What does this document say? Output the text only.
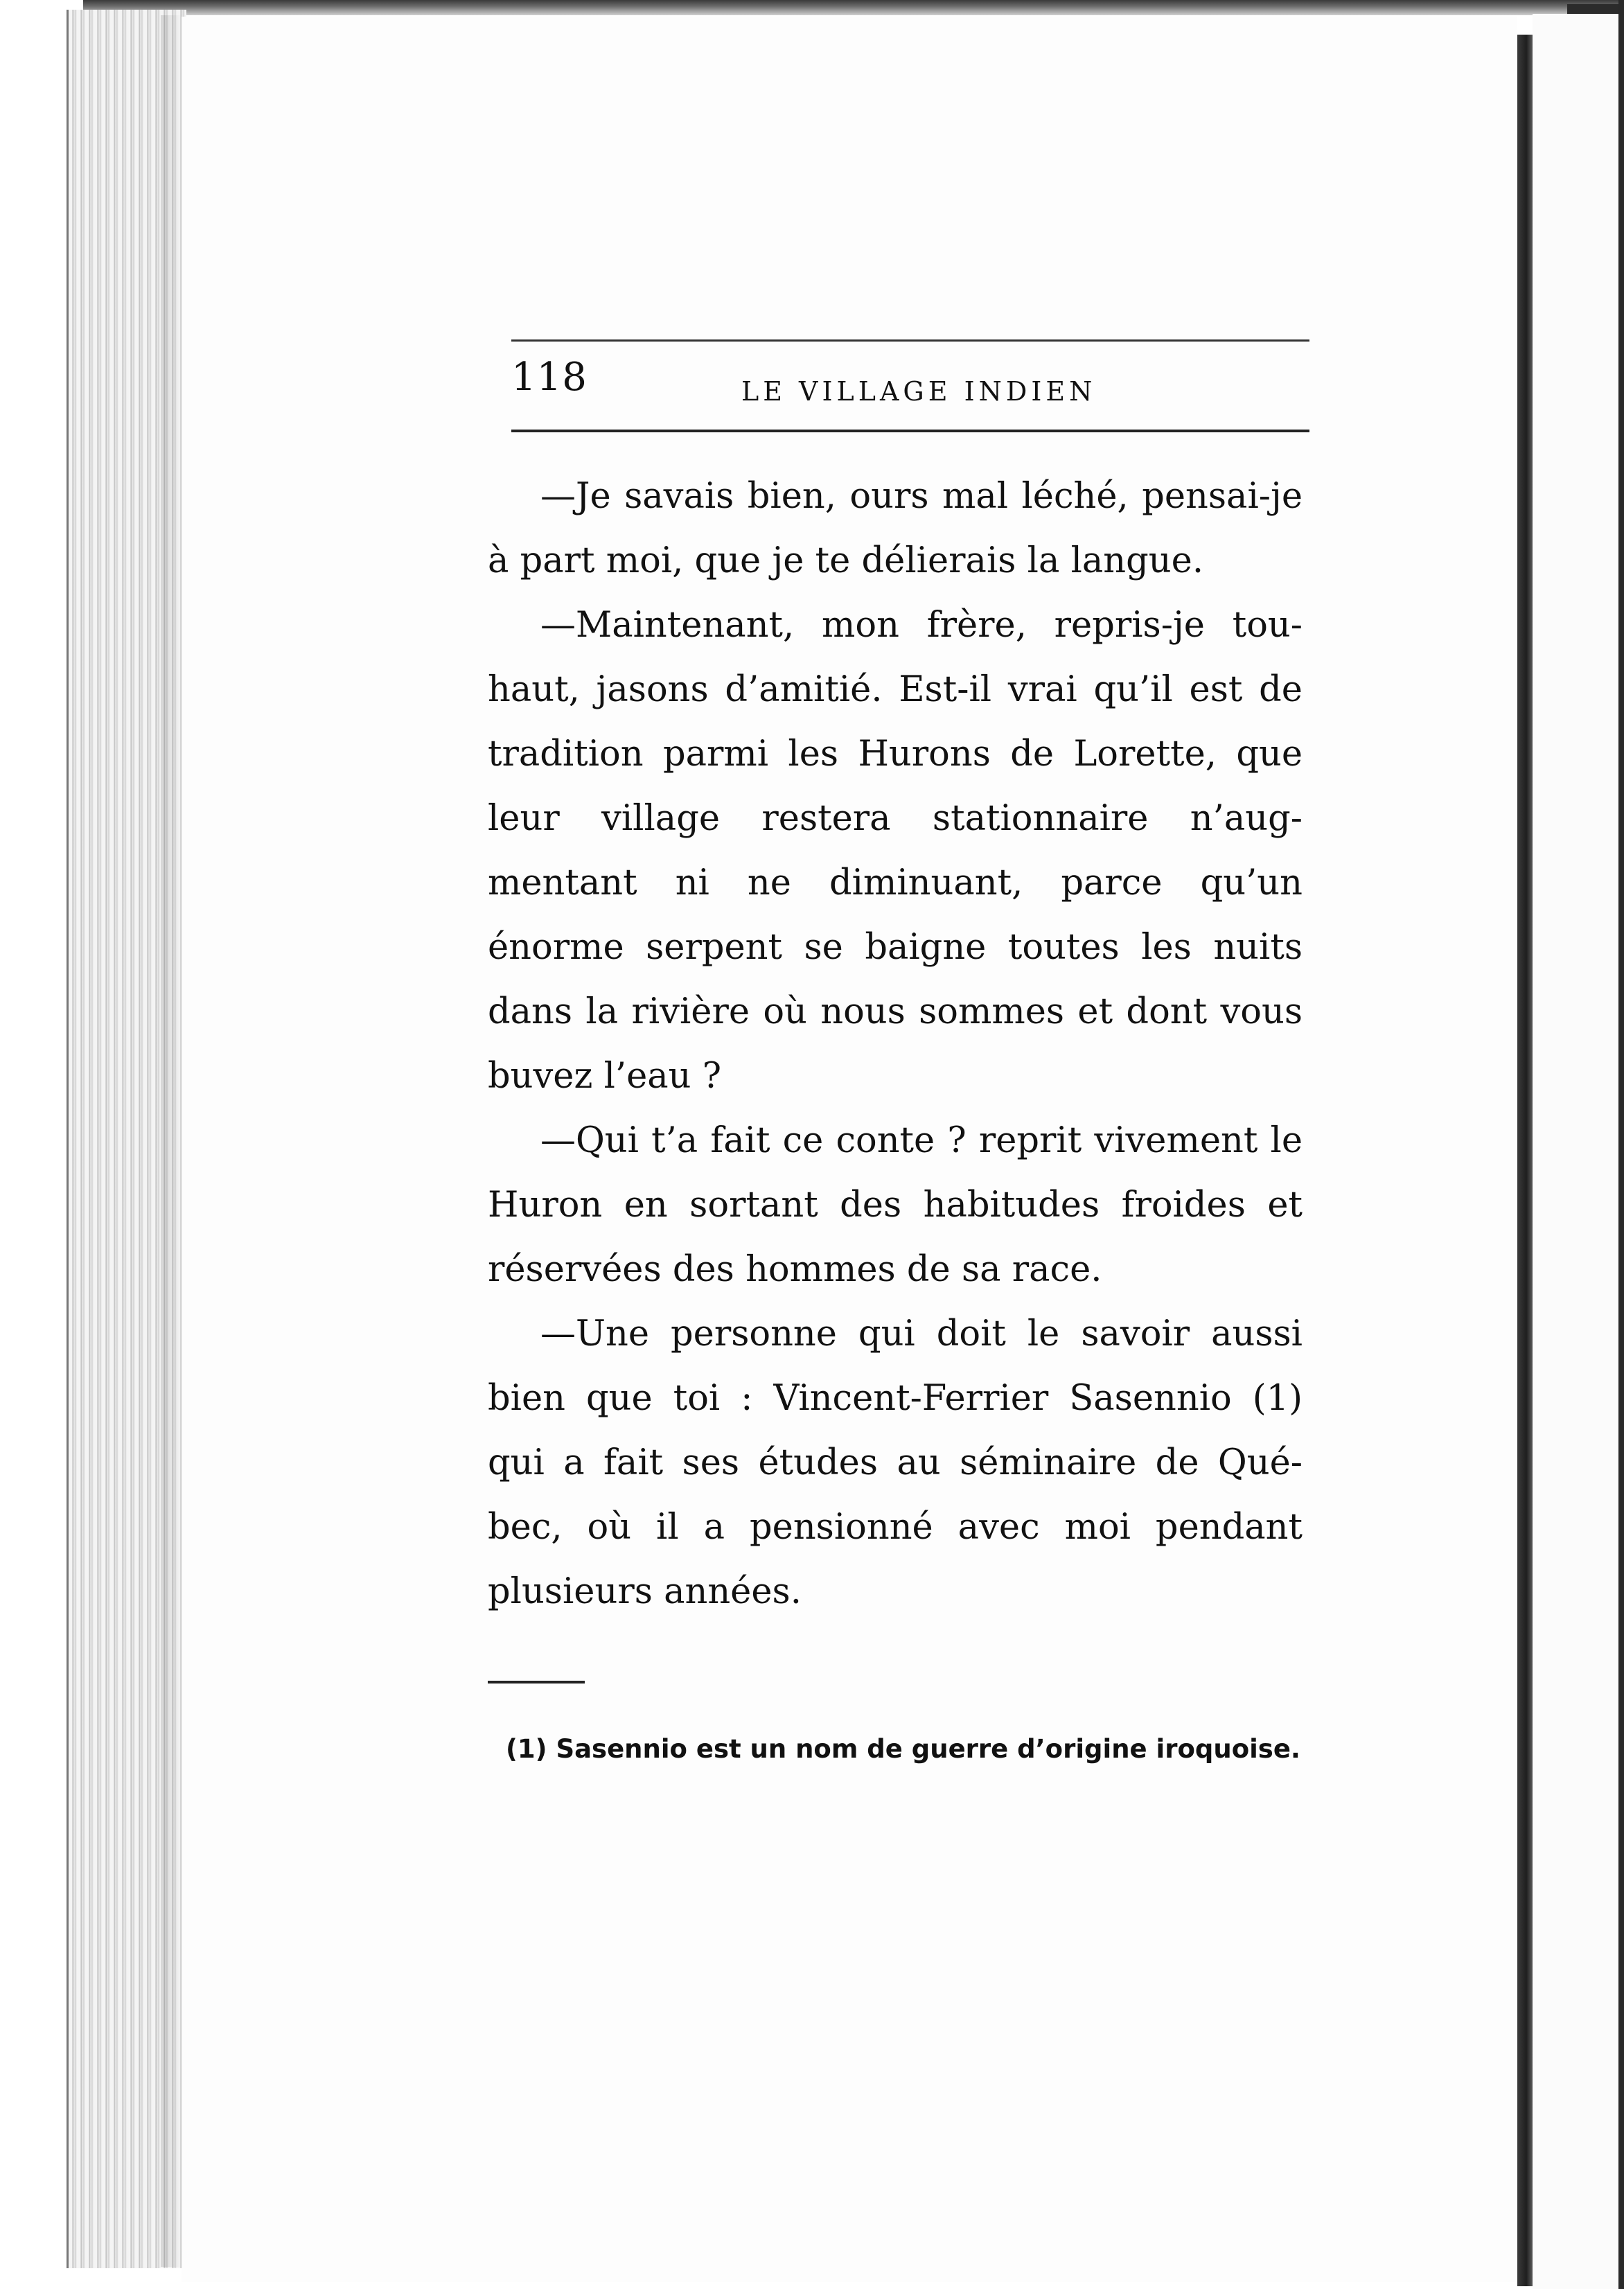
118	LE VILLAGE INDIEN

—Je savais bien, ours mal léché, pensai-je à part moi, que je te délierais la langue.

—Maintenant, mon frère, repris-je tou-haut, jasons d’amitié. Est-il vrai qu’il est de tradition parmi les Hurons de Lorette, que leur village restera stationnaire n’aug-mentant ni ne diminuant, parce qu’un énorme serpent se baigne toutes les nuits dans la rivière où nous sommes et dont vous buvez l’eau ?

—Qui t’a fait ce conte ? reprit vivement le Huron en sortant des habitudes froides et réservées des hommes de sa race.

—Une personne qui doit le savoir aussi bien que toi : Vincent-Ferrier Sasennio (1) qui a fait ses études au séminaire de Qué-bec, où il a pensionné avec moi pendant plusieurs années.

(1) Sasennio est un nom de guerre d’origine iroquoise.
